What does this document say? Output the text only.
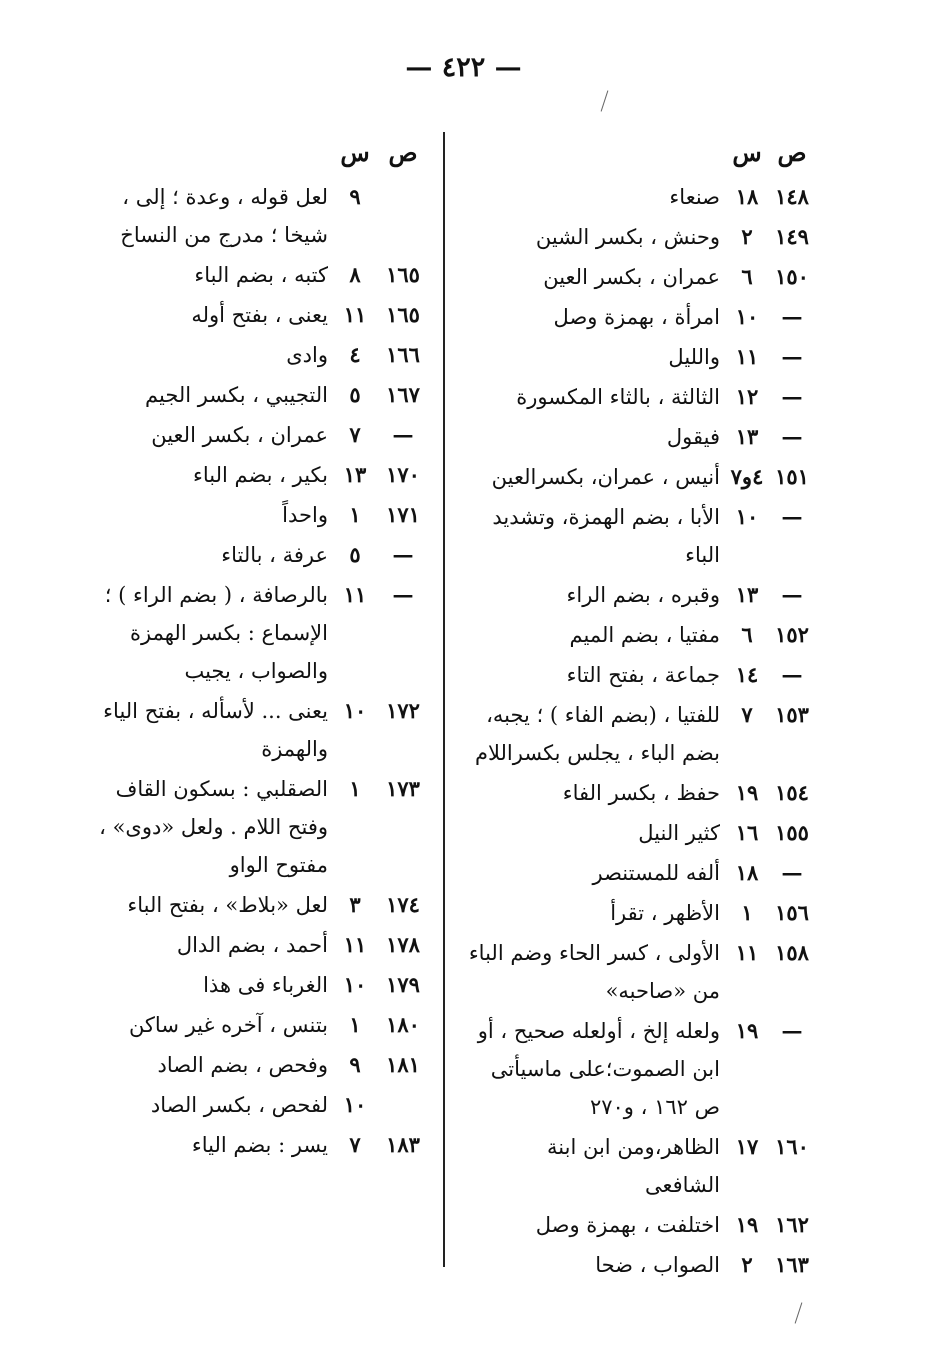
— ٤٢٢ —
ص
س
١٤٨
١٨
صنعاء
١٤٩
٢
وحنش ، بكسر الشين
١٥٠
٦
عمران ، بكسر العين
—
١٠
امرأة ، بهمزة وصل
—
١١
والليل
—
١٢
الثالثة ، بالثاء المكسورة
—
١٣
فيقول
١٥١
٤و٧
أنيس ، عمران، بكسرالعين
—
١٠
الأبا ، بضم الهمزة، وتشديد الباء
—
١٣
وقبره ، بضم الراء
١٥٢
٦
مفتيا ، بضم الميم
—
١٤
جماعة ، بفتح التاء
١٥٣
٧
للفتيا ، (بضم الفاء ) ؛ يجبه، بضم الباء ، يجلس بكسراللام
١٥٤
١٩
حفظ ، بكسر الفاء
١٥٥
١٦
كثير النيل
—
١٨
ألفه للمستنصر
١٥٦
١
الأظهر ، تقرأ
١٥٨
١١
الأولى ، كسر الحاء وضم الباء من «صاحبه»
—
١٩
ولعله إلخ ، أولعله صحيح ، أو ابن الصموت؛على ماسيأتى ص ١٦٢ ، و٢٧٠
١٦٠
١٧
الظاهر،ومن ابن ابنة الشافعى
١٦٢
١٩
اختلفت ، بهمزة وصل
١٦٣
٢
الصواب ، ضحا
ص
س
٩
لعل قوله ، وعدة ؛ إلى ، شيخا ؛ مدرج من النساخ
١٦٥
٨
كتبه ، بضم الباء
١٦٥
١١
يعنى ، بفتح أوله
١٦٦
٤
وادى
١٦٧
٥
التجيبي ، بكسر الجيم
—
٧
عمران ، بكسر العين
١٧٠
١٣
بكير ، بضم الباء
١٧١
١
واحداً
—
٥
عرفة ، بالتاء
—
١١
بالرصافة ، ( بضم الراء ) ؛ الإسماع : بكسر الهمزة والصواب ، يجيب
١٧٢
١٠
يعنى ... لأسأله ، بفتح الياء والهمزة
١٧٣
١
الصقلبي : بسكون القاف وفتح اللام . ولعل «دوى» ، مفتوح الواو
١٧٤
٣
لعل «بلاط» ، بفتح الباء
١٧٨
١١
أحمد ، بضم الدال
١٧٩
١٠
الغرباء فى هذا
١٨٠
١
بتنس ، آخره غير ساكن
١٨١
٩
وفحص ، بضم الصاد
١٠
لفحص ، بكسر الصاد
١٨٣
٧
يسر : بضم الياء
